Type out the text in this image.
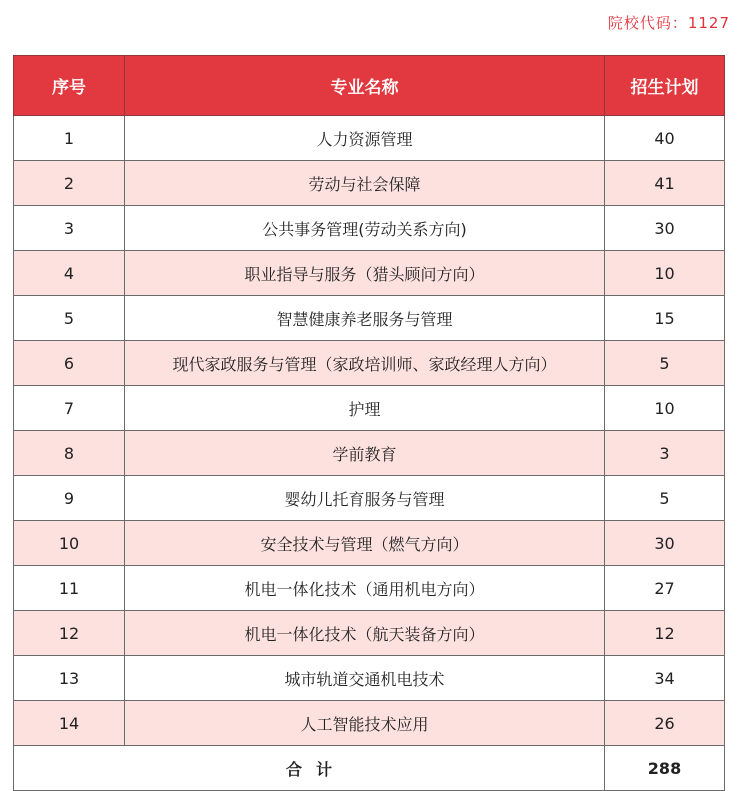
院校代码：1127
序号	专业名称	招生计划
1	人力资源管理	40
2	劳动与社会保障	41
3	公共事务管理(劳动关系方向)	30
4	职业指导与服务（猎头顾问方向）	10
5	智慧健康养老服务与管理	15
6	现代家政服务与管理（家政培训师、家政经理人方向）	5
7	护理	10
8	学前教育	3
9	婴幼儿托育服务与管理	5
10	安全技术与管理（燃气方向）	30
11	机电一体化技术（通用机电方向）	27
12	机电一体化技术（航天装备方向）	12
13	城市轨道交通机电技术	34
14	人工智能技术应用	26
合计		288
